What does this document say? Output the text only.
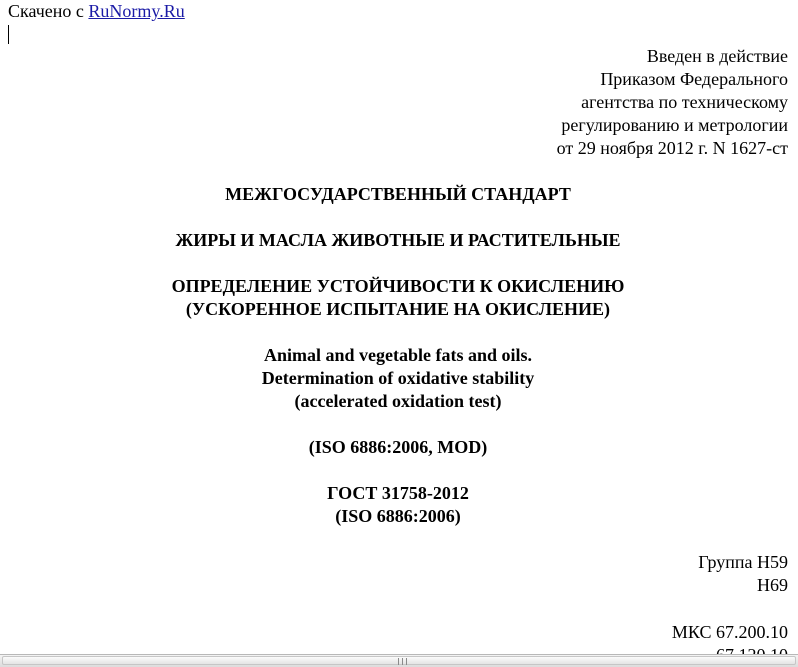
Скачено с RuNormy.Ru
Введен в действие
Приказом Федерального
агентства по техническому
регулированию и метрологии
от 29 ноября 2012 г. N 1627-ст
МЕЖГОСУДАРСТВЕННЫЙ СТАНДАРТ
ЖИРЫ И МАСЛА ЖИВОТНЫЕ И РАСТИТЕЛЬНЫЕ
ОПРЕДЕЛЕНИЕ УСТОЙЧИВОСТИ К ОКИСЛЕНИЮ
(УСКОРЕННОЕ ИСПЫТАНИЕ НА ОКИСЛЕНИЕ)
Animal and vegetable fats and oils.
Determination of oxidative stability
(accelerated oxidation test)
(ISO 6886:2006, MOD)
ГОСТ 31758-2012
(ISO 6886:2006)
Группа Н59
Н69
МКС 67.200.10
